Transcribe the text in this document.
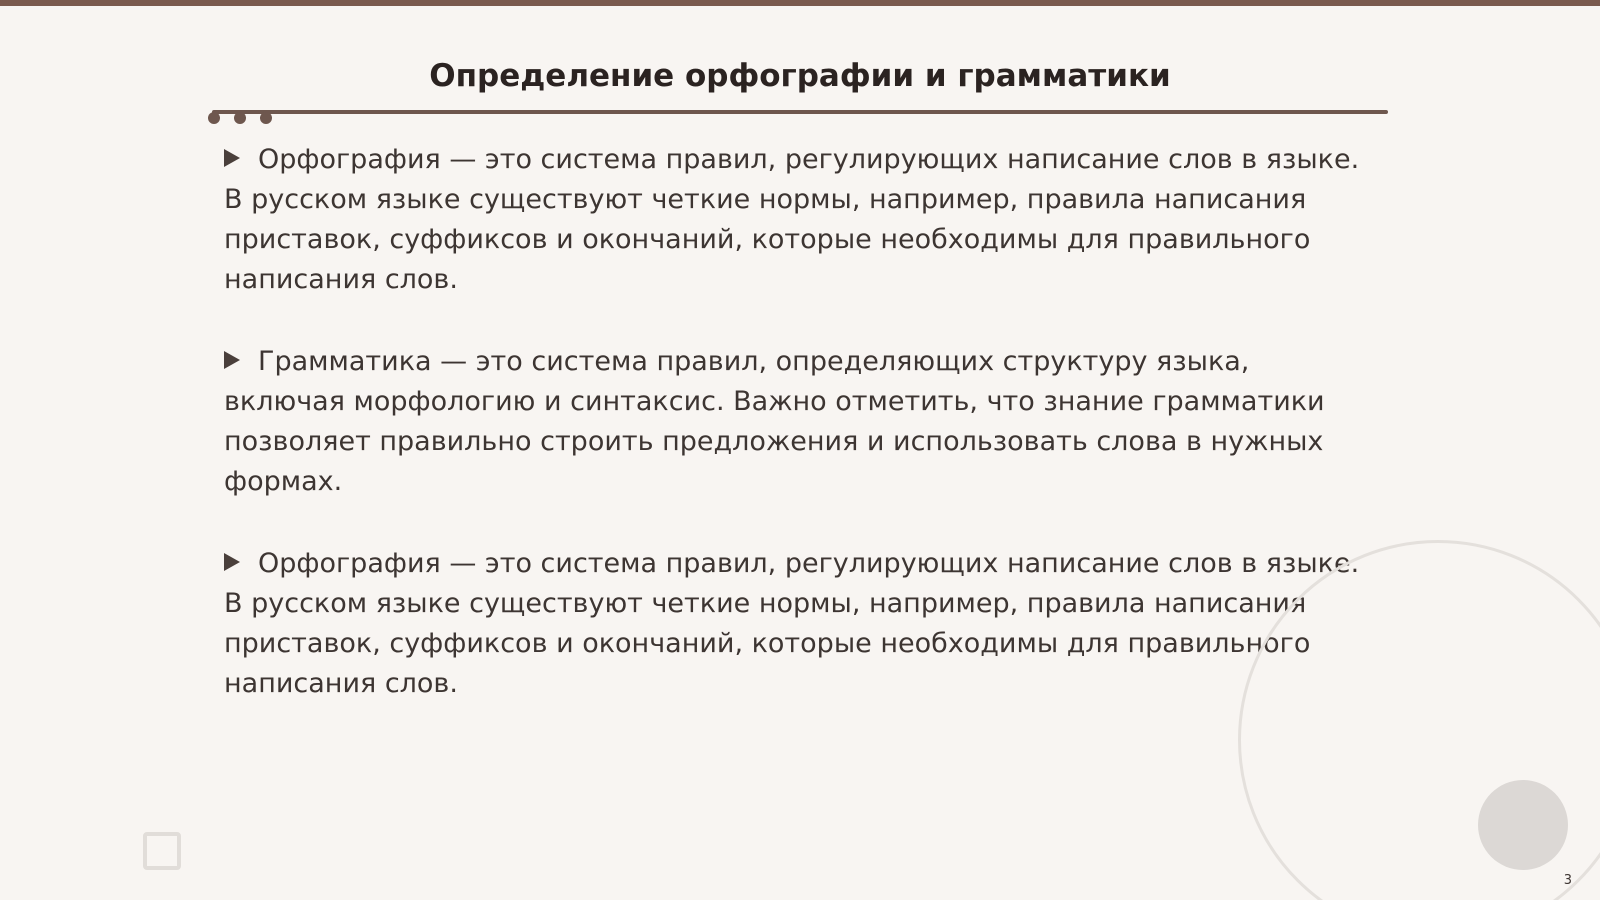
Определение орфографии и грамматики

Орфография — это система правил, регулирующих написание слов в языке. В русском языке существуют четкие нормы, например, правила написания приставок, суффиксов и окончаний, которые необходимы для правильного написания слов.

Грамматика — это система правил, определяющих структуру языка, включая морфологию и синтаксис. Важно отметить, что знание грамматики позволяет правильно строить предложения и использовать слова в нужных формах.

Орфография — это система правил, регулирующих написание слов в языке. В русском языке существуют четкие нормы, например, правила написания приставок, суффиксов и окончаний, которые необходимы для правильного написания слов.

3
